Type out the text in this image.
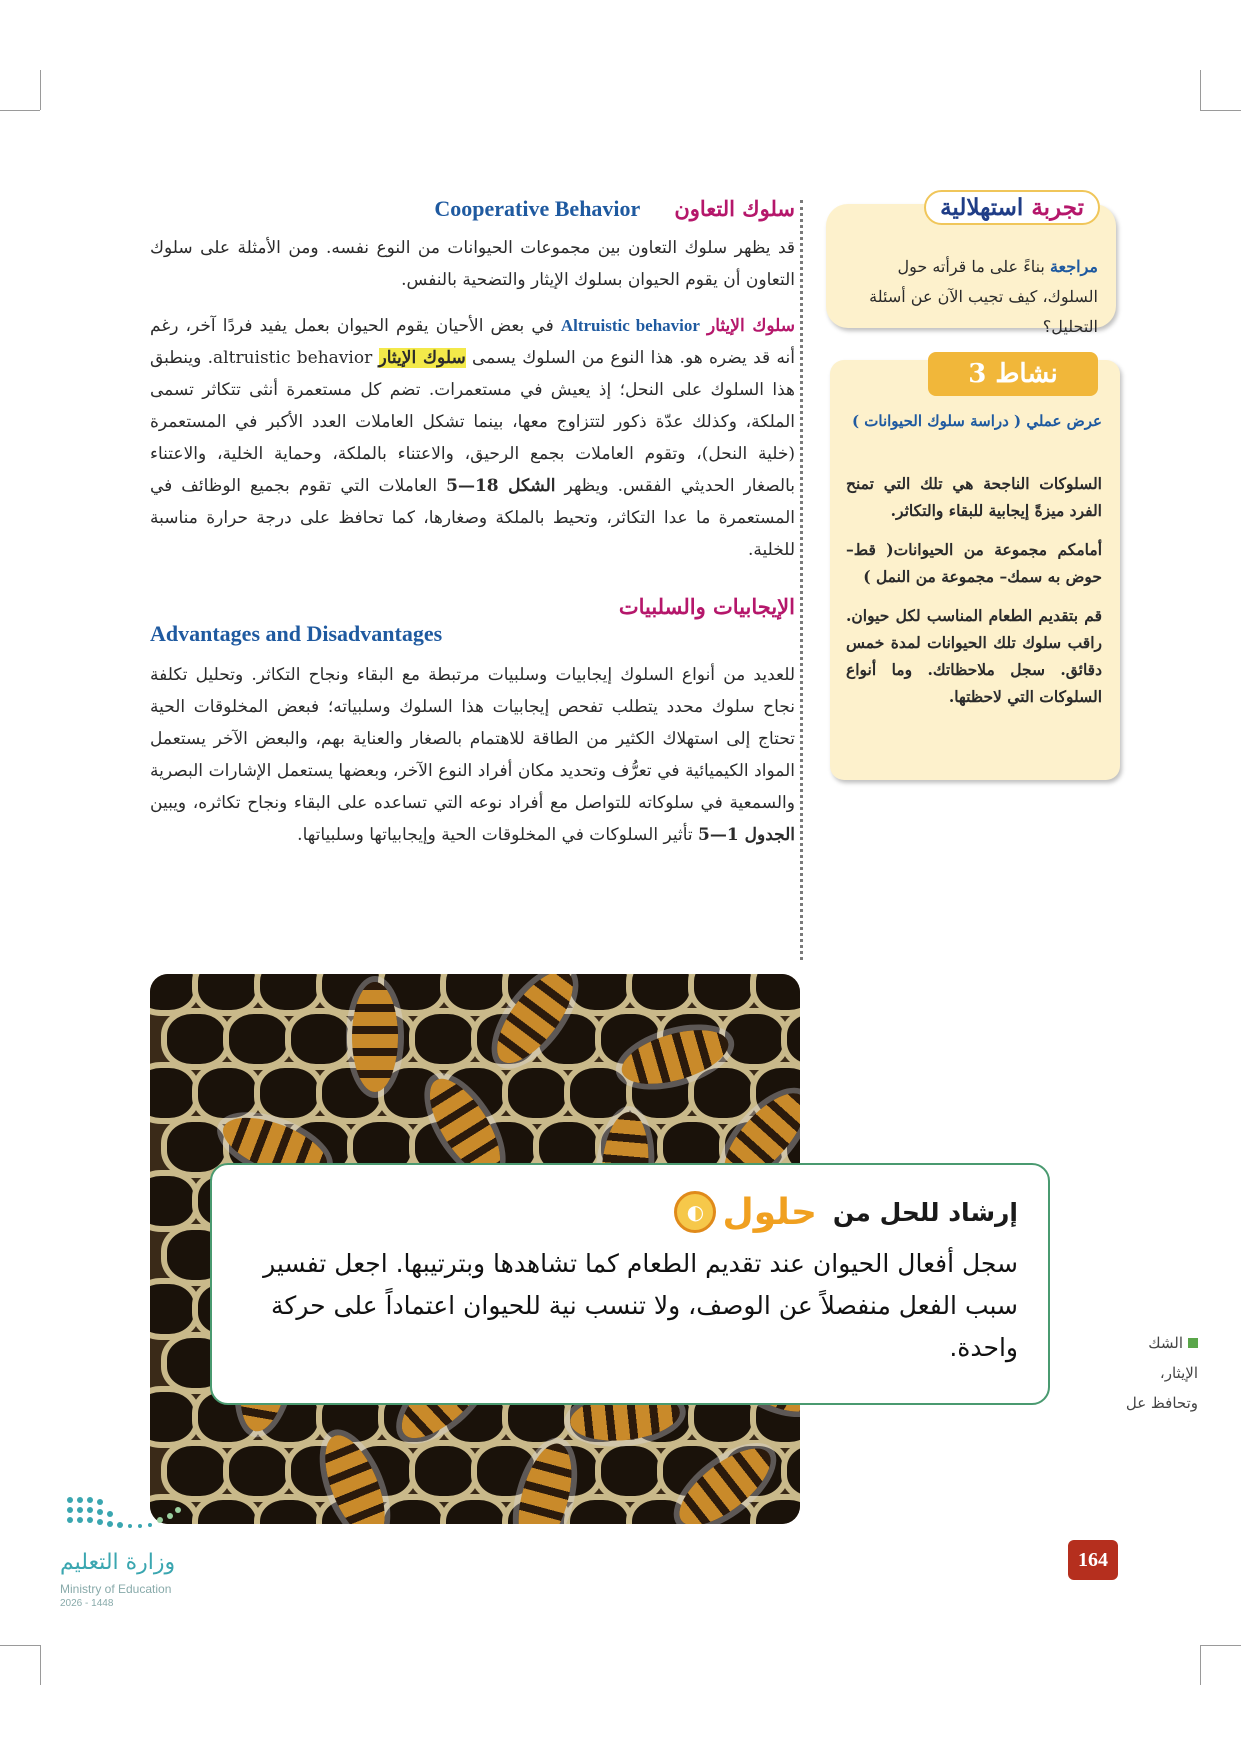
سلوك التعاون
Cooperative Behavior

قد يظهر سلوك التعاون بين مجموعات الحيوانات من النوع نفسه. ومن الأمثلة على سلوك التعاون أن يقوم الحيوان بسلوك الإيثار والتضحية بالنفس.

سلوك الإيثار Altruistic behavior في بعض الأحيان يقوم الحيوان بعمل يفيد فردًا آخر، رغم أنه قد يضره هو. هذا النوع من السلوك يسمى سلوك الإيثار altruistic behavior. وينطبق هذا السلوك على النحل؛ إذ يعيش في مستعمرات. تضم كل مستعمرة أنثى تتكاثر تسمى الملكة، وكذلك عدّة ذكور لتتزاوج معها، بينما تشكل العاملات العدد الأكبر في المستعمرة (خلية النحل)، وتقوم العاملات بجمع الرحيق، والاعتناء بالملكة، وحماية الخلية، والاعتناء بالصغار الحديثي الفقس. ويظهر الشكل 18—5 العاملات التي تقوم بجميع الوظائف في المستعمرة ما عدا التكاثر، وتحيط بالملكة وصغارها، كما تحافظ على درجة حرارة مناسبة للخلية.

الإيجابيات والسلبيات
Advantages and Disadvantages

للعديد من أنواع السلوك إيجابيات وسلبيات مرتبطة مع البقاء ونجاح التكاثر. وتحليل تكلفة نجاح سلوك محدد يتطلب تفحص إيجابيات هذا السلوك وسلبياته؛ فبعض المخلوقات الحية تحتاج إلى استهلاك الكثير من الطاقة للاهتمام بالصغار والعناية بهم، والبعض الآخر يستعمل المواد الكيميائية في تعرُّف وتحديد مكان أفراد النوع الآخر، وبعضها يستعمل الإشارات البصرية والسمعية في سلوكاته للتواصل مع أفراد نوعه التي تساعده على البقاء ونجاح تكاثره، ويبين الجدول 1—5 تأثير السلوكات في المخلوقات الحية وإيجابياتها وسلبياتها.

تجربة استهلالية
مراجعة بناءً على ما قرأته حول السلوك، كيف تجيب الآن عن أسئلة التحليل؟
نشاط 3
عرض عملي ( دراسة سلوك الحيوانات )

السلوكات الناجحة هي تلك التي تمنح الفرد ميزةً إيجابية للبقاء والتكاثر.

أمامكم مجموعة من الحيوانات( قط– حوض به سمك– مجموعة من النمل )

قم بتقديم الطعام المناسب لكل حيوان. راقب سلوك تلك الحيوانات لمدة خمس دقائق. سجل ملاحظاتك. وما أنواع السلوكات التي لاحظتها.

الشك
الإيثار،
وتحافظ عل
إرشاد للحل من
حلول
◐
سجل أفعال الحيوان عند تقديم الطعام كما تشاهدها وبترتيبها. اجعل تفسير سبب الفعل منفصلاً عن الوصف، ولا تنسب نية للحيوان اعتماداً على حركة واحدة.
164
وزارة التعليم
Ministry of Education
2026 - 1448
